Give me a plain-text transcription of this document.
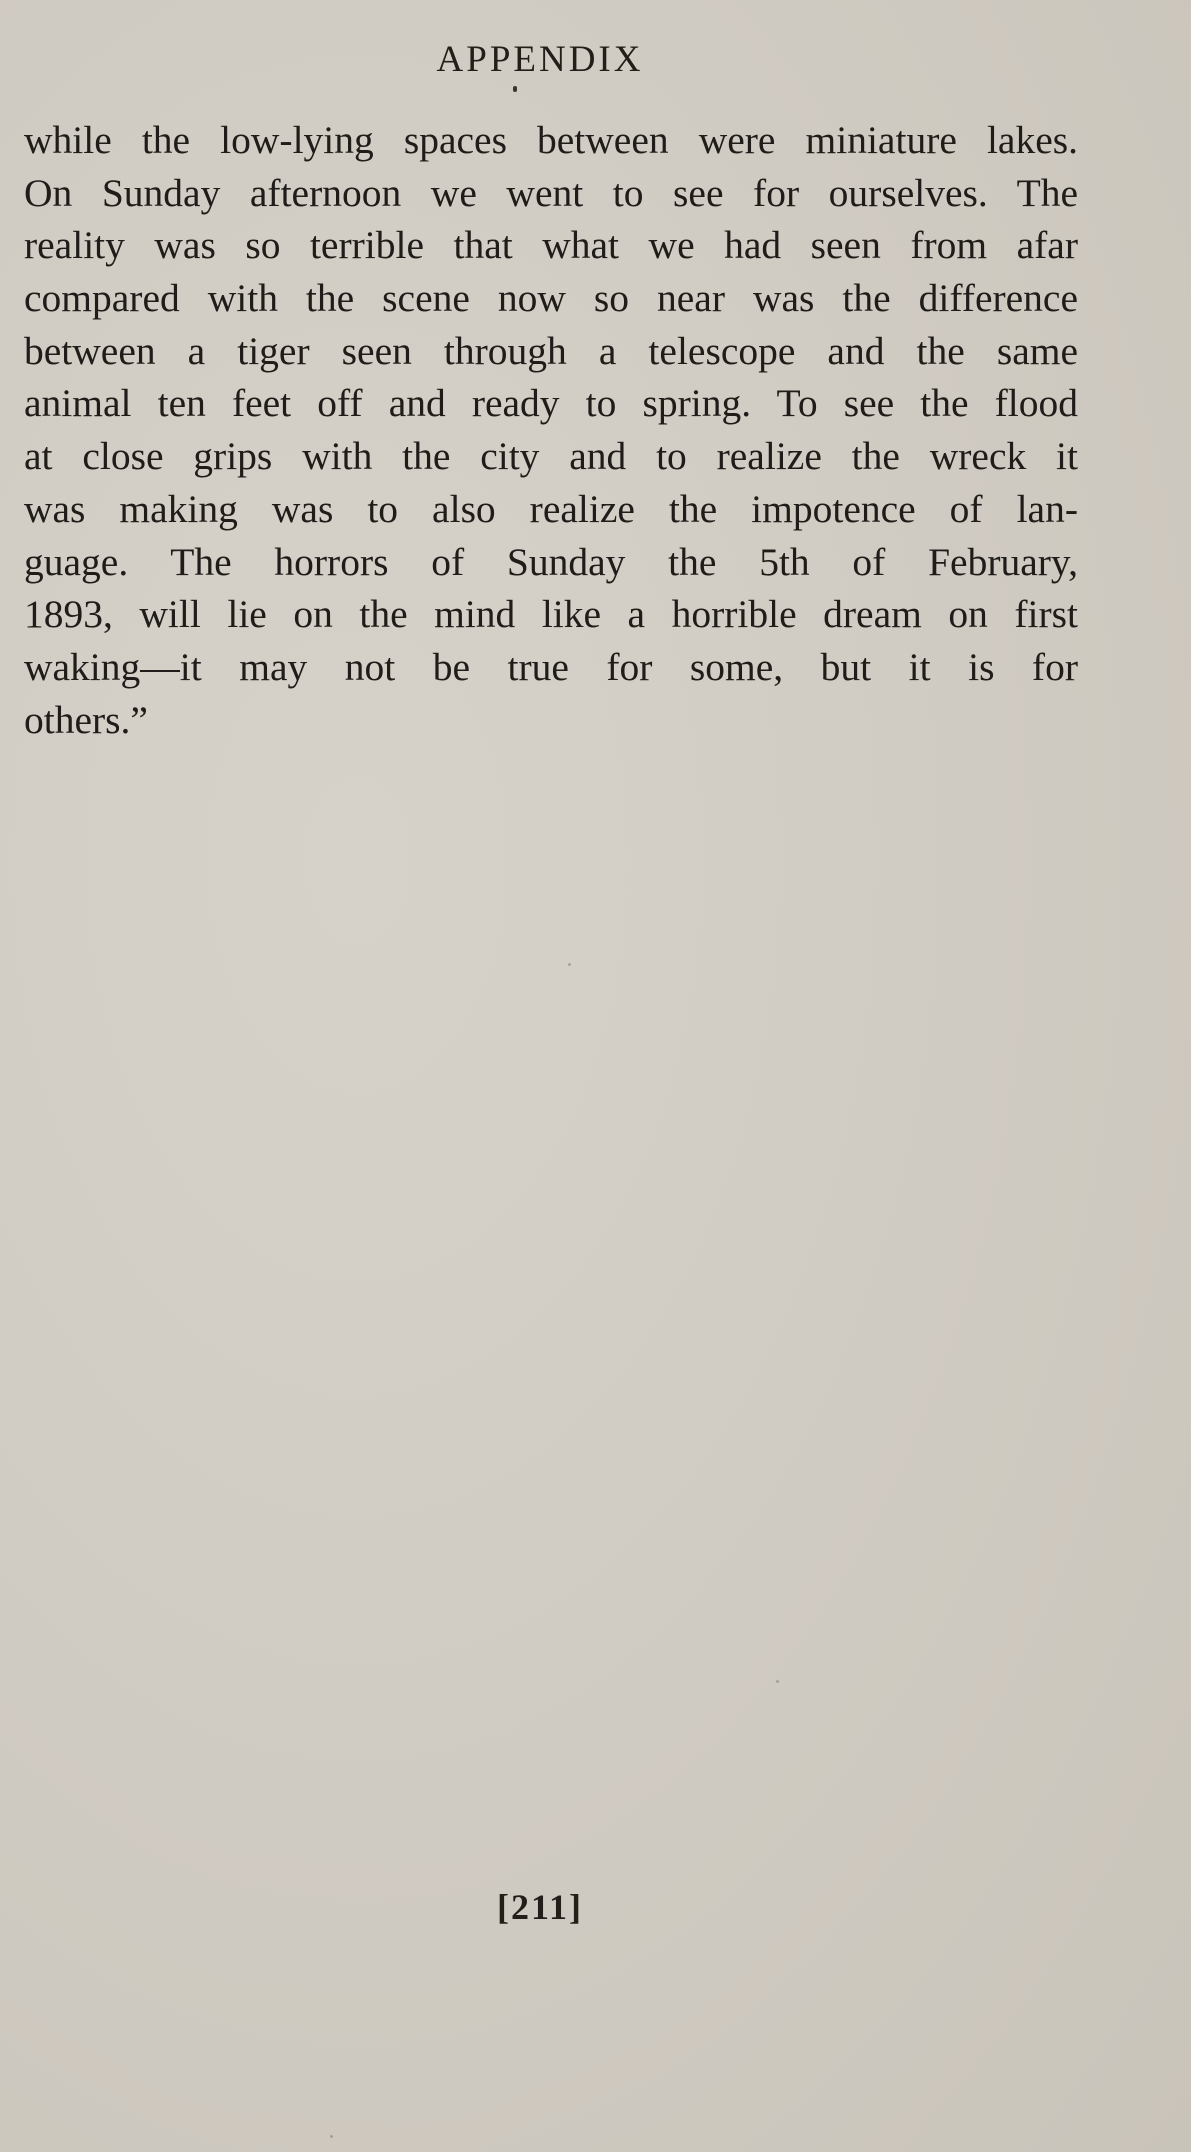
APPENDIX
while the low-lying spaces between were miniature lakes.
On Sunday afternoon we went to see for ourselves. The
reality was so terrible that what we had seen from afar
compared with the scene now so near was the difference
between a tiger seen through a telescope and the same
animal ten feet off and ready to spring. To see the flood
at close grips with the city and to realize the wreck it
was making was to also realize the impotence of lan-
guage. The horrors of Sunday the 5th of February,
1893, will lie on the mind like a horrible dream on first
waking—it may not be true for some, but it is for
others.”
[211]
